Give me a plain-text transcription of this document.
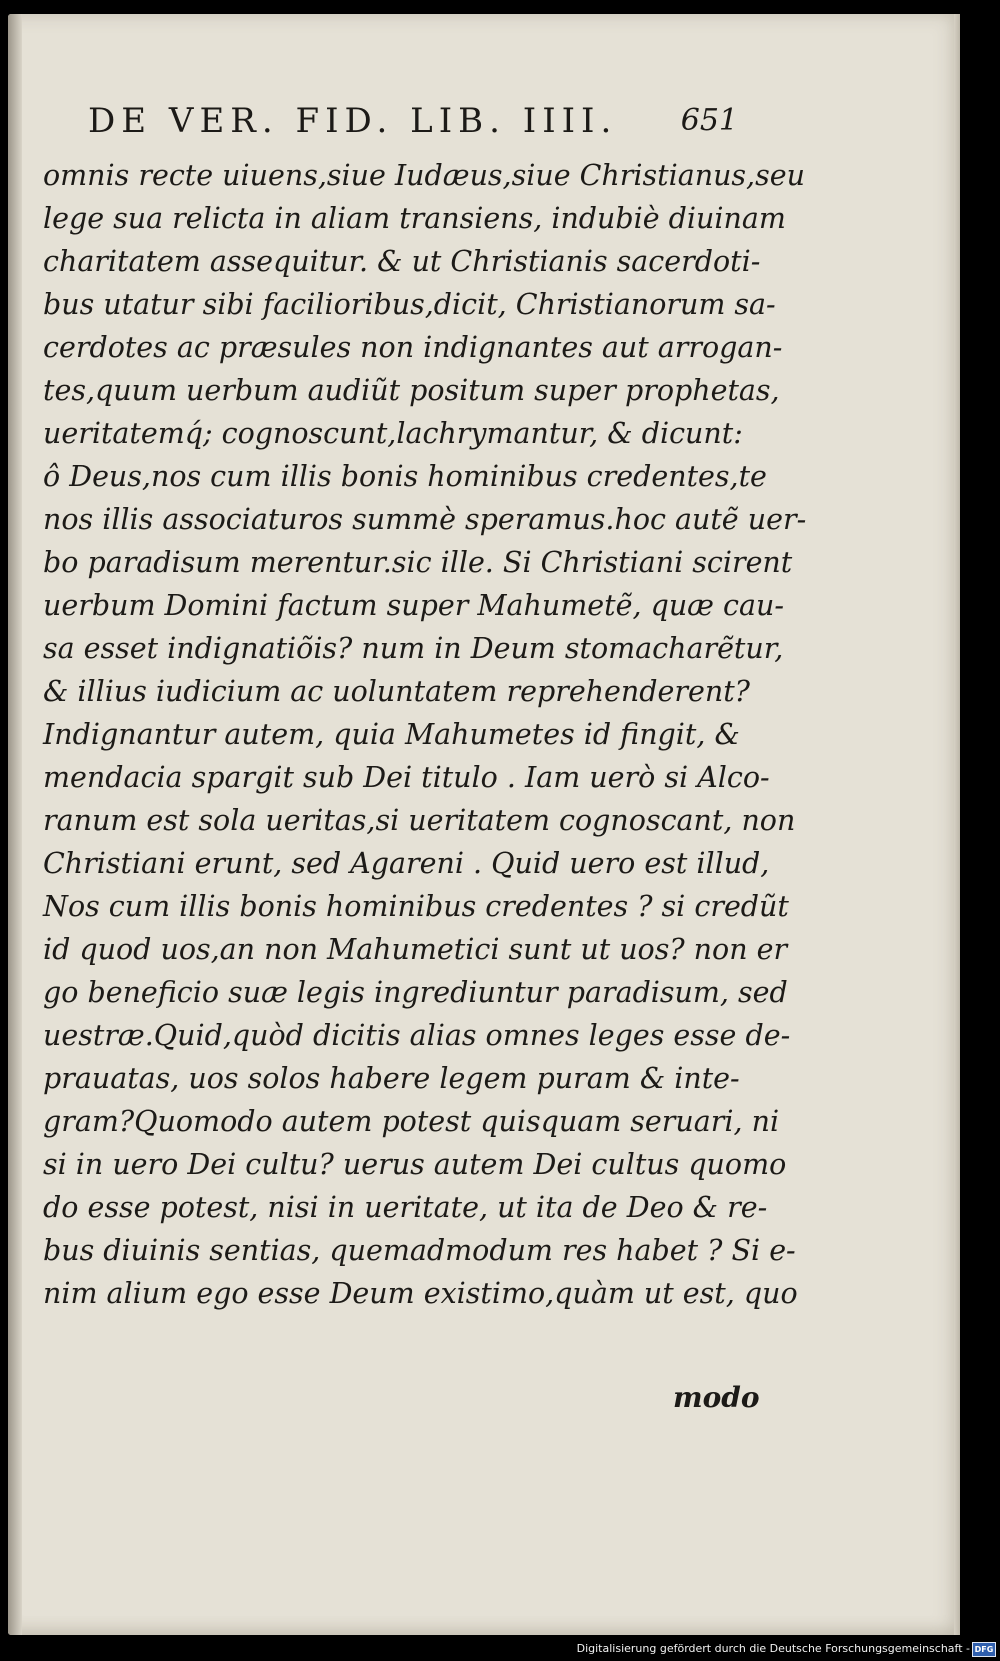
DE VER. FID. LIB. IIII. 651
omnis recte uiuens,siue Iudæus,siue Christianus,seu
lege sua relicta in aliam transiens, indubiè diuinam
charitatem assequitur. & ut Christianis sacerdoti-
bus utatur sibi facilioribus,dicit, Christianorum sa-
cerdotes ac præsules non indignantes aut arrogan-
tes,quum uerbum audiũt positum super prophetas,
ueritatemq́; cognoscunt,lachrymantur, & dicunt:
ô Deus,nos cum illis bonis hominibus credentes,te
nos illis associaturos summè speramus.hoc autẽ uer-
bo paradisum merentur.sic ille. Si Christiani scirent
uerbum Domini factum super Mahumetẽ, quæ cau-
sa esset indignatiõis? num in Deum stomacharẽtur,
& illius iudicium ac uoluntatem reprehenderent?
Indignantur autem, quia Mahumetes id fingit, &
mendacia spargit sub Dei titulo . Iam uerò si Alco-
ranum est sola ueritas,si ueritatem cognoscant, non
Christiani erunt, sed Agareni . Quid uero est illud,
Nos cum illis bonis hominibus credentes ? si credũt
id quod uos,an non Mahumetici sunt ut uos? non er
go beneficio suæ legis ingrediuntur paradisum, sed
uestræ.Quid,quòd dicitis alias omnes leges esse de-
prauatas, uos solos habere legem puram & inte-
gram?Quomodo autem potest quisquam seruari, ni
si in uero Dei cultu? uerus autem Dei cultus quomo
do esse potest, nisi in ueritate, ut ita de Deo & re-
bus diuinis sentias, quemadmodum res habet ? Si e-
nim alium ego esse Deum existimo,quàm ut est, quo
modo
Digitalisierung gefördert durch die Deutsche Forschungsgemeinschaft - DFG
